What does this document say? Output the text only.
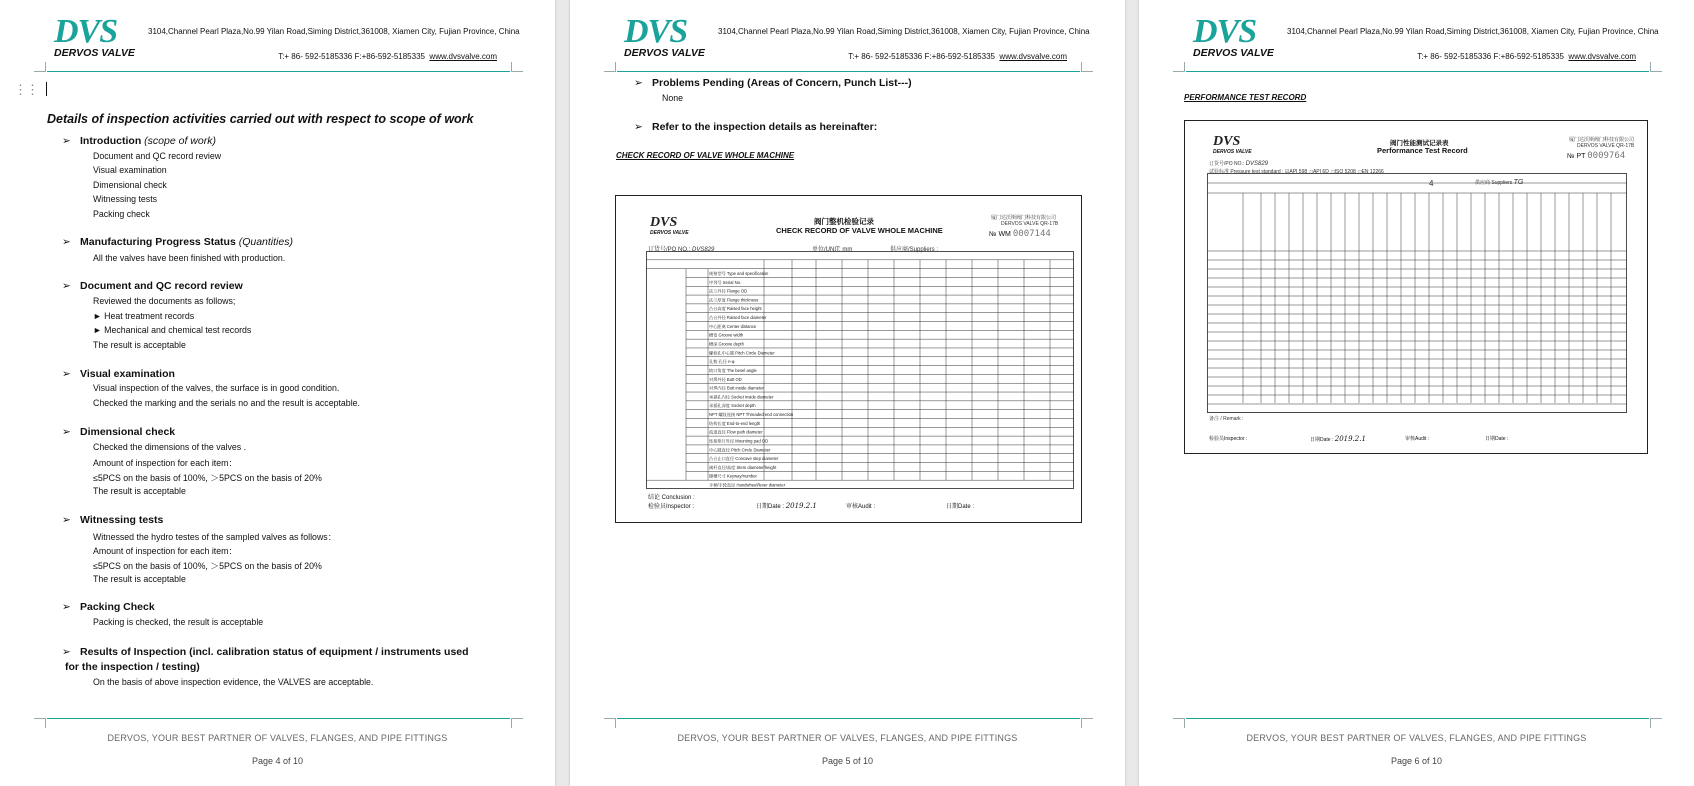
DVS
DERVOS VALVE
3104,Channel Pearl Plaza,No.99 Yilan Road,Siming District,361008, Xiamen City, Fujian Province, China
T:+ 86- 592-5185336 F:+86-592-5185335 www.dvsvalve.com
⋮⋮
Details of inspection activities carried out with respect to scope of work
➢ Introduction (scope of work)
Document and QC record review
Visual examination
Dimensional check
Witnessing tests
Packing check
➢ Manufacturing Progress Status (Quantities)
All the valves have been finished with production.
➢ Document and QC record review
Reviewed the documents as follows;
► Heat treatment records
► Mechanical and chemical test records
The result is acceptable
➢ Visual examination
Visual inspection of the valves, the surface is in good condition.
Checked the marking and the serials no and the result is acceptable.
➢ Dimensional check
Checked the dimensions of the valves .
Amount of inspection for each item：
≤5PCS on the basis of 100%, ＞5PCS on the basis of 20%
The result is acceptable
➢ Witnessing tests
Witnessed the hydro testes of the sampled valves as follows：
Amount of inspection for each item：
≤5PCS on the basis of 100%, ＞5PCS on the basis of 20%
The result is acceptable
➢ Packing Check
Packing is checked, the result is acceptable
➢ Results of Inspection (incl. calibration status of equipment / instruments used
for the inspection / testing)
On the basis of above inspection evidence, the VALVES are acceptable.
DERVOS, YOUR BEST PARTNER OF VALVES, FLANGES, AND PIPE FITTINGS
Page 4 of 10
DVS
DERVOS VALVE
3104,Channel Pearl Plaza,No.99 Yilan Road,Siming District,361008, Xiamen City, Fujian Province, China
T:+ 86- 592-5185336 F:+86-592-5185335 www.dvsvalve.com
➢ Problems Pending (Areas of Concern, Punch List---)
None
➢ Refer to the inspection details as hereinafter:
CHECK RECORD OF VALVE WHOLE MACHINE
DVS
DERVOS VALVE
阀门整机检验记录
CHECK RECORD OF VALVE WHOLE MACHINE
厦门达沃斯阀门科技有限公司
DERVOS VALVE QR-17B
№ WM 0007144
订货号/PO NO.: DVS829	单位/UNIT: mm	供应商/Suppliers :
规格型号 Type and specification
序列号 Serial No.
法兰外径 Flange OD
法兰厚度 Flange thickness
凸台高度 Raised face height
凸台外径 Raised face diameter
中心距离 Center distance
槽宽 Groove width
槽深 Groove depth
螺栓孔中心圆 Pitch Circle Diameter
孔数 孔径 n-φ
坡口角度 The bevel angle
对焊外径 Butt OD
对焊内径 Butt inside diameter
承插孔内径 Socket inside diameter
承插孔深度 Socket depth
NPT 螺纹连接 NPT Threaded end connection
结构长度 End-to-end length
流道直径 Flow path diameter
连接垫片外径 Mounting pad OD
中心圆直径 Pitch Circle Diameter
凸台止口直径 Concave step diameter
阀杆直径/高度 Stem diameter/height
键槽尺寸 Keyway/number
手柄/手轮直径 Handwheel/lever diameter
结论 Conclusion :
检验员Inspector :	日期Date : 2019.2.1	审核Audit :	日期Date :
DERVOS, YOUR BEST PARTNER OF VALVES, FLANGES, AND PIPE FITTINGS
Page 5 of 10
DVS
DERVOS VALVE
3104,Channel Pearl Plaza,No.99 Yilan Road,Siming District,361008, Xiamen City, Fujian Province, China
T:+ 86- 592-5185336 F:+86-592-5185335 www.dvsvalve.com
PERFORMANCE TEST RECORD
DVS
DERVOS VALVE
阀门性能测试记录表
Performance Test Record
厦门达沃斯阀门科技有限公司
DERVOS VALVE QR-17B
№ PT 0009764
订货号/PO NO.: DVS829
试验标准 Pressure test standard : ☑API 598  □API 6D  □ISO 5208  □EN 12266
4	供应商 Suppliers TG
备注 / Remark :
检验员Inspector :	日期Date : 2019.2.1	审核Audit :	日期Date :
DERVOS, YOUR BEST PARTNER OF VALVES, FLANGES, AND PIPE FITTINGS
Page 6 of 10
